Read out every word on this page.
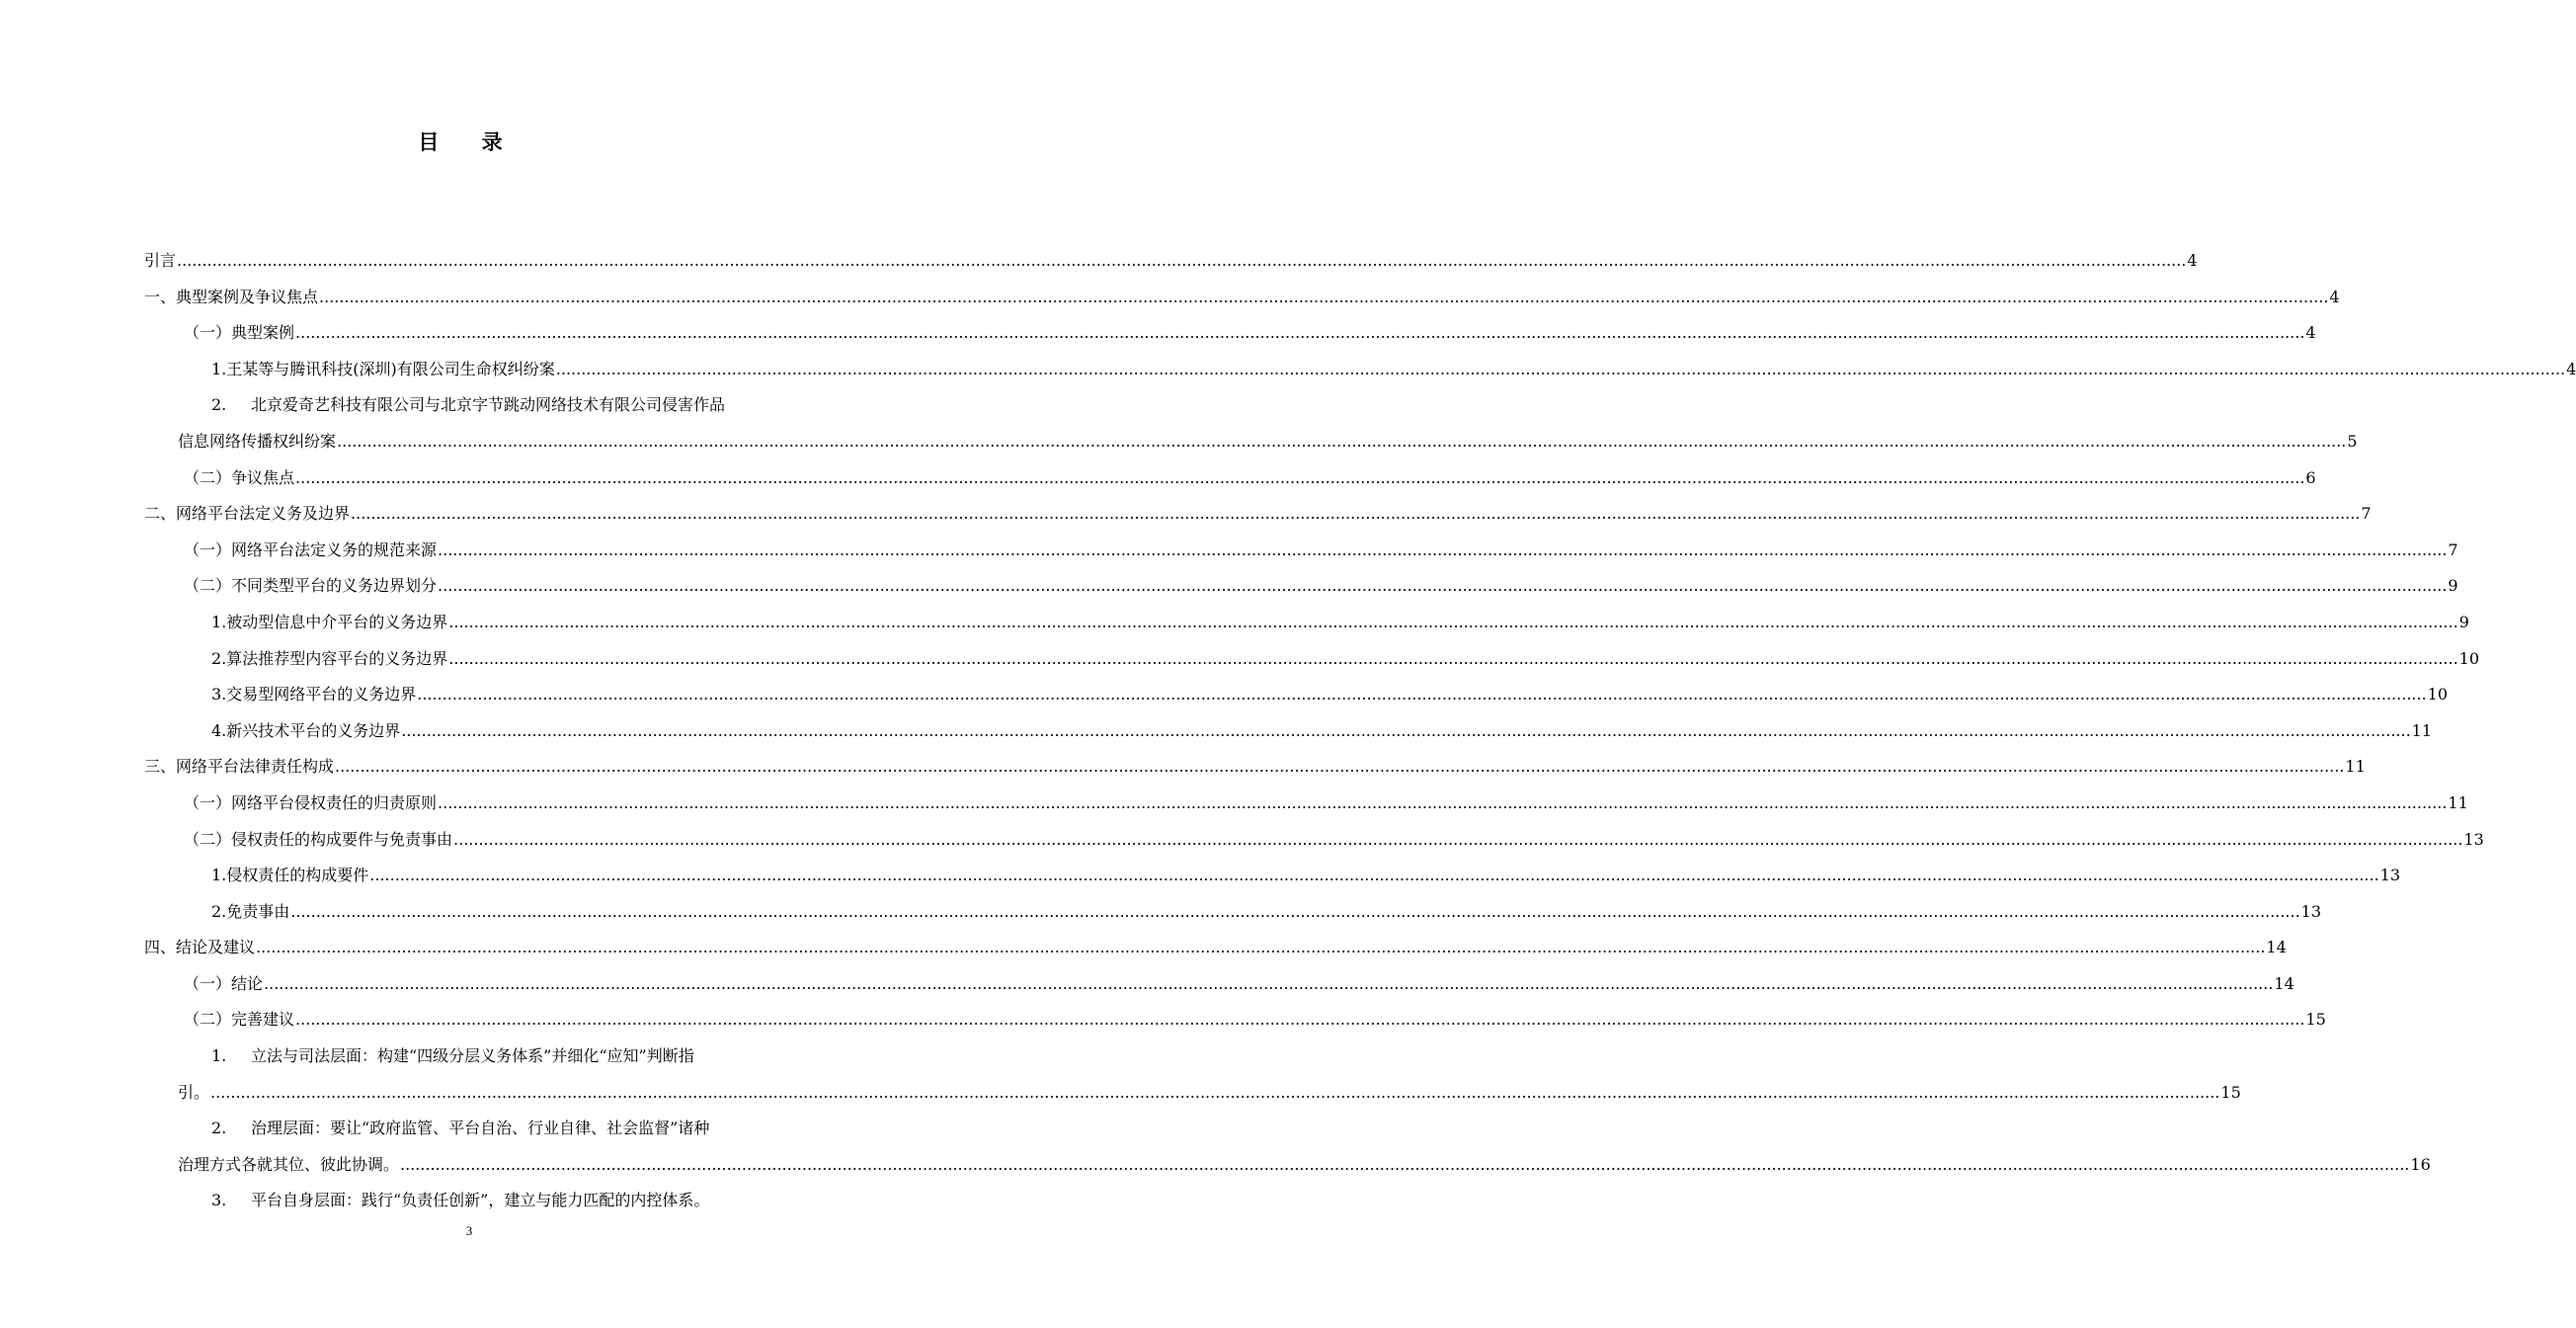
目 录
引言 ................................................................................................................................................................................................................................................................................................................................................................................................................ 4
一、 典型案例及争议焦点 ................................................................................................................................................................................................................................................................................................................................................................................................................ 4
（一） 典型案例 ................................................................................................................................................................................................................................................................................................................................................................................................................ 4
1. 王某等与腾讯科技(深圳)有限公司生命权纠纷案 ................................................................................................................................................................................................................................................................................................................................................................................................................ 4
2.	北京爱奇艺科技有限公司与北京字节跳动网络技术有限公司侵害作品
信息网络传播权纠纷案 ................................................................................................................................................................................................................................................................................................................................................................................................................ 5
（二） 争议焦点 ................................................................................................................................................................................................................................................................................................................................................................................................................ 6
二、 网络平台法定义务及边界 ................................................................................................................................................................................................................................................................................................................................................................................................................ 7
（一） 网络平台法定义务的规范来源 ................................................................................................................................................................................................................................................................................................................................................................................................................ 7
（二） 不同类型平台的义务边界划分 ................................................................................................................................................................................................................................................................................................................................................................................................................ 9
1. 被动型信息中介平台的义务边界 ................................................................................................................................................................................................................................................................................................................................................................................................................ 9
2. 算法推荐型内容平台的义务边界 ................................................................................................................................................................................................................................................................................................................................................................................................................ 10
3. 交易型网络平台的义务边界 ................................................................................................................................................................................................................................................................................................................................................................................................................ 10
4. 新兴技术平台的义务边界 ................................................................................................................................................................................................................................................................................................................................................................................................................ 11
三、 网络平台法律责任构成 ................................................................................................................................................................................................................................................................................................................................................................................................................ 11
（一） 网络平台侵权责任的归责原则 ................................................................................................................................................................................................................................................................................................................................................................................................................ 11
（二） 侵权责任的构成要件与免责事由 ................................................................................................................................................................................................................................................................................................................................................................................................................ 13
1. 侵权责任的构成要件 ................................................................................................................................................................................................................................................................................................................................................................................................................ 13
2. 免责事由 ................................................................................................................................................................................................................................................................................................................................................................................................................ 13
四、 结论及建议 ................................................................................................................................................................................................................................................................................................................................................................................................................ 14
（一） 结论 ................................................................................................................................................................................................................................................................................................................................................................................................................ 14
（二） 完善建议 ................................................................................................................................................................................................................................................................................................................................................................................................................ 15
1.	立法与司法层面：构建“四级分层义务体系”并细化“应知”判断指
引。 ................................................................................................................................................................................................................................................................................................................................................................................................................ 15
2.	治理层面：要让“政府监管、平台自治、行业自律、社会监督”诸种
治理方式各就其位、彼此协调。 ................................................................................................................................................................................................................................................................................................................................................................................................................ 16
3.	平台自身层面：践行“负责任创新”，建立与能力匹配的内控体系。
3
